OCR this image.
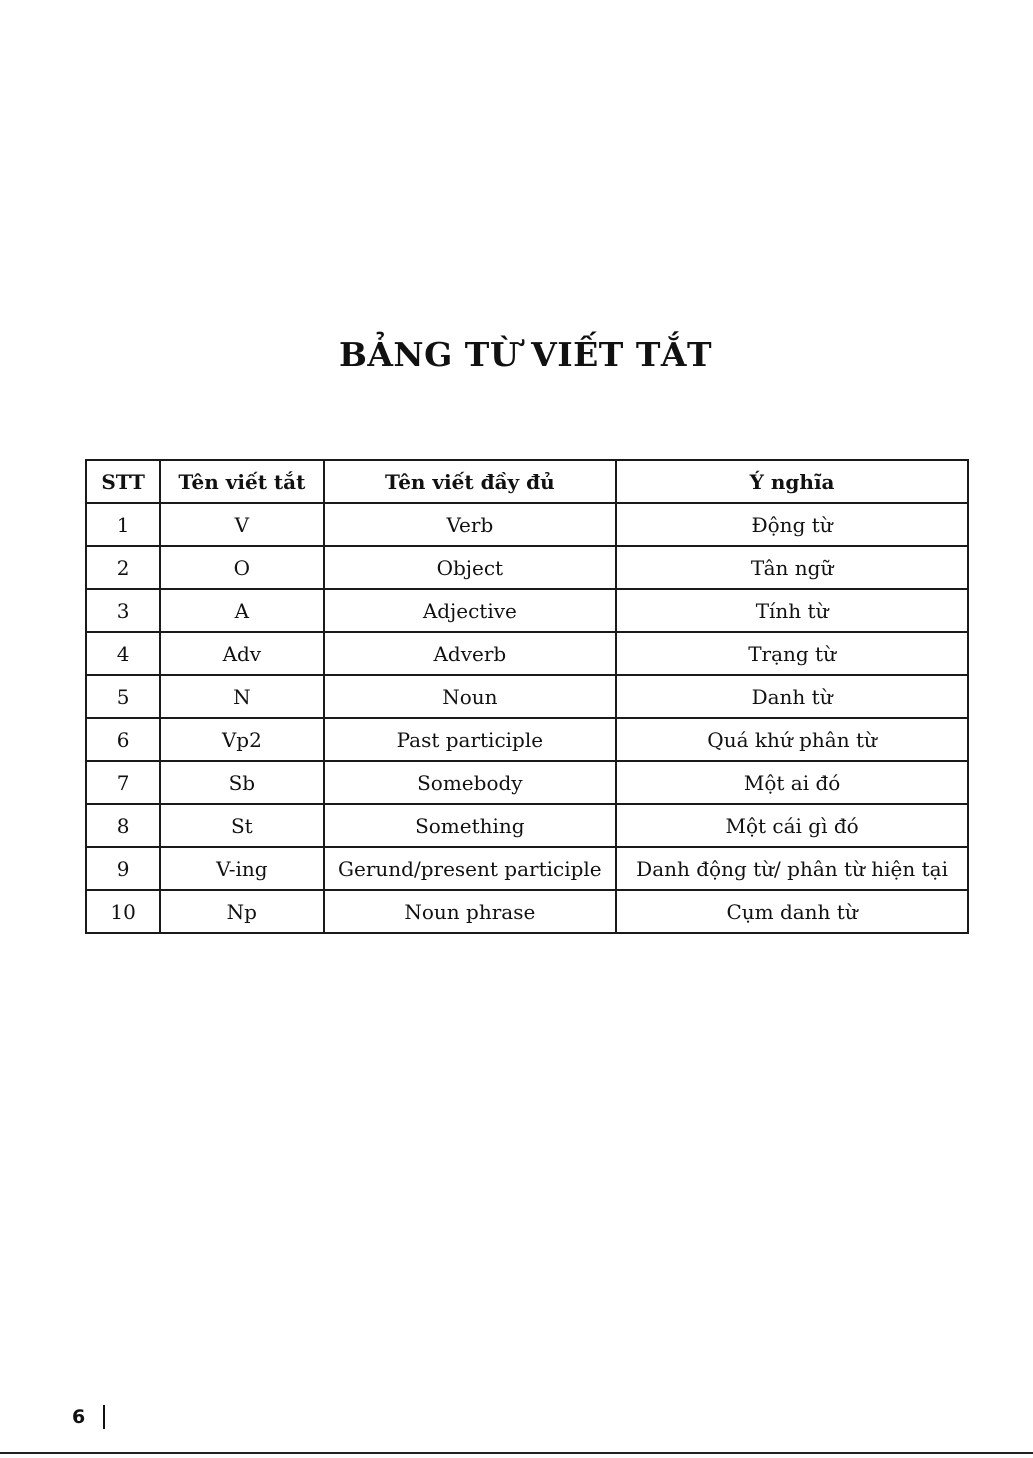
BẢNG TỪ VIẾT TẮT
STT	Tên viết tắt	Tên viết đầy đủ	Ý nghĩa
1	V	Verb	Động từ
2	O	Object	Tân ngữ
3	A	Adjective	Tính từ
4	Adv	Adverb	Trạng từ
5	N	Noun	Danh từ
6	Vp2	Past participle	Quá khứ phân từ
7	Sb	Somebody	Một ai đó
8	St	Something	Một cái gì đó
9	V-ing	Gerund/present participle	Danh động từ/ phân từ hiện tại
10	Np	Noun phrase	Cụm danh từ
6
